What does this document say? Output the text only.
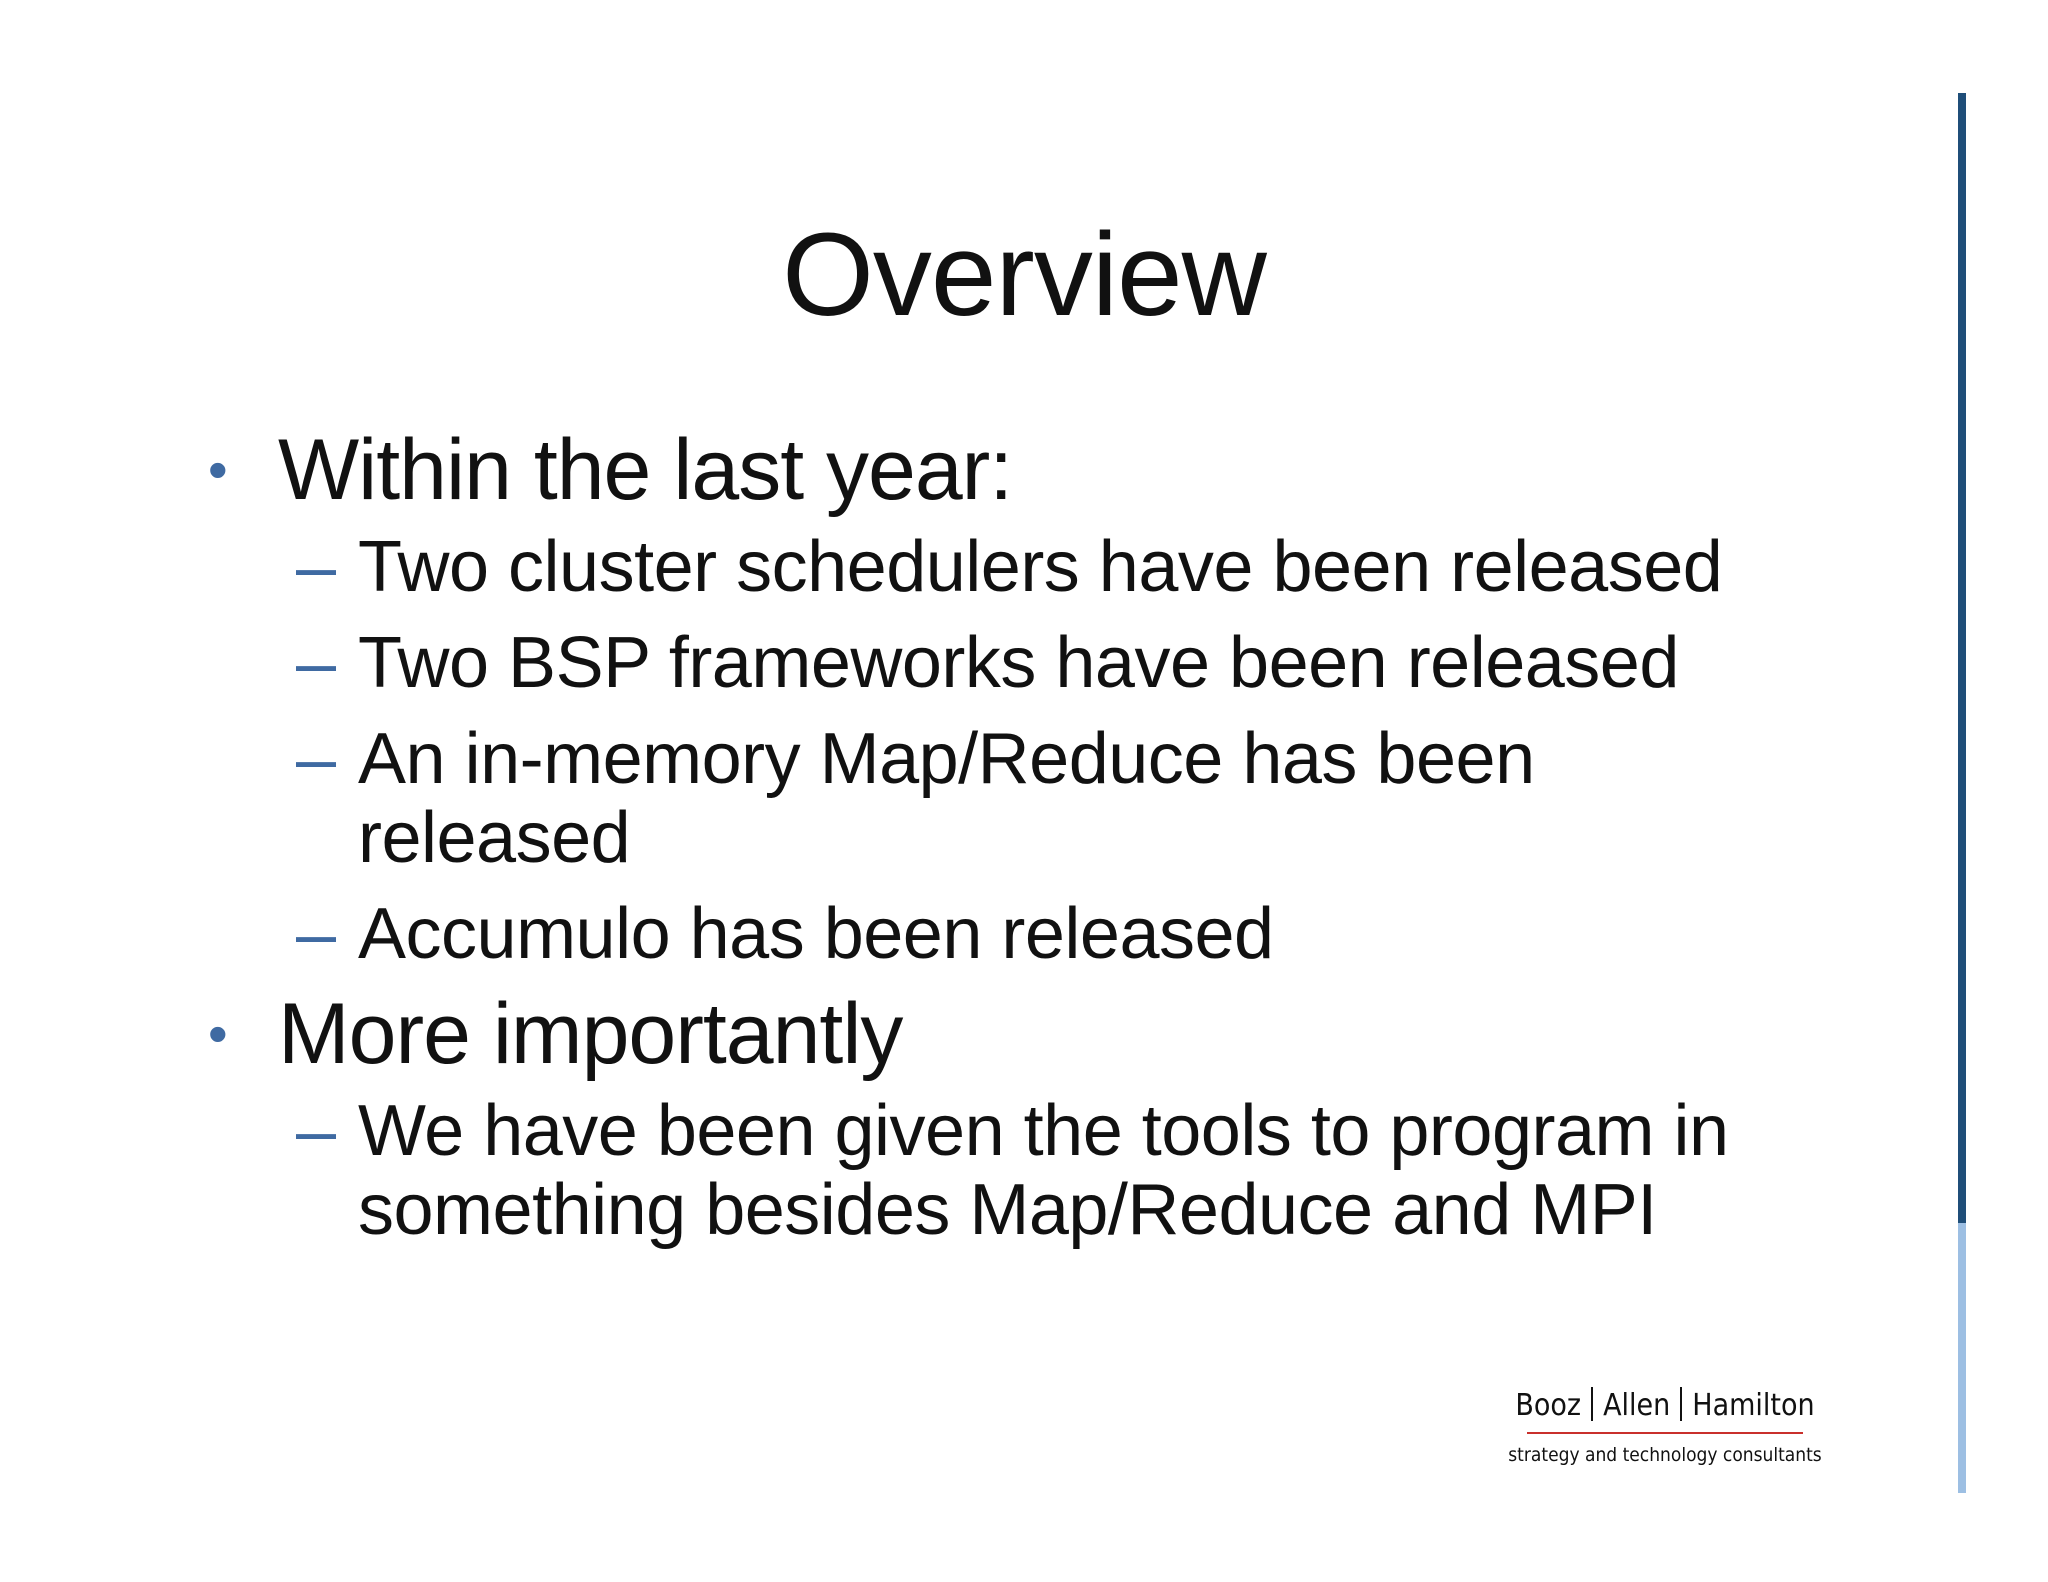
Overview
• Within the last year:
– Two cluster schedulers have been released
– Two BSP frameworks have been released
– An in-memory Map/Reduce has been released
– Accumulo has been released
• More importantly
– We have been given the tools to program in something besides Map/Reduce and MPI
Booz Allen Hamilton
strategy and technology consultants
